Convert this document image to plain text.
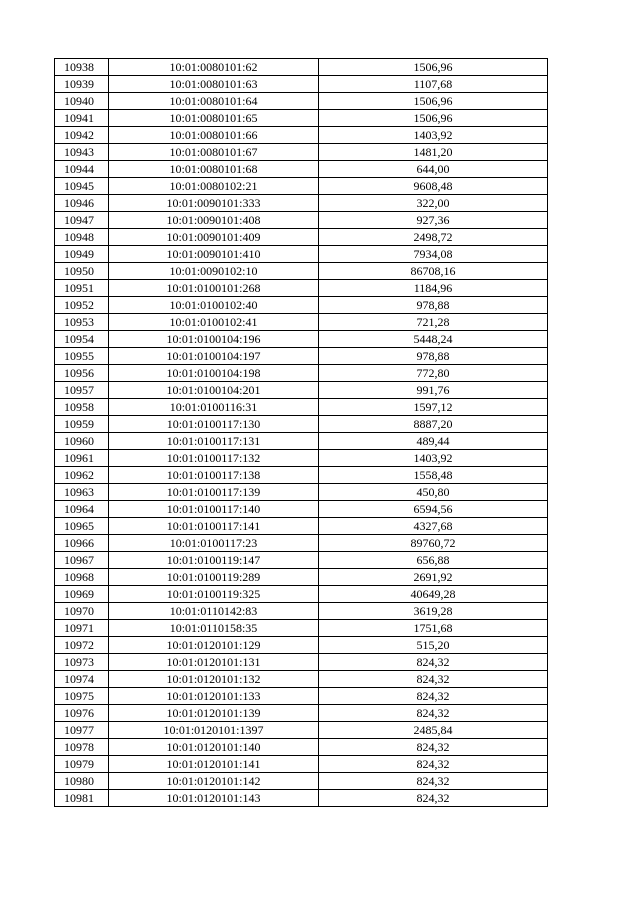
10938	10:01:0080101:62	1506,96
10939	10:01:0080101:63	1107,68
10940	10:01:0080101:64	1506,96
10941	10:01:0080101:65	1506,96
10942	10:01:0080101:66	1403,92
10943	10:01:0080101:67	1481,20
10944	10:01:0080101:68	644,00
10945	10:01:0080102:21	9608,48
10946	10:01:0090101:333	322,00
10947	10:01:0090101:408	927,36
10948	10:01:0090101:409	2498,72
10949	10:01:0090101:410	7934,08
10950	10:01:0090102:10	86708,16
10951	10:01:0100101:268	1184,96
10952	10:01:0100102:40	978,88
10953	10:01:0100102:41	721,28
10954	10:01:0100104:196	5448,24
10955	10:01:0100104:197	978,88
10956	10:01:0100104:198	772,80
10957	10:01:0100104:201	991,76
10958	10:01:0100116:31	1597,12
10959	10:01:0100117:130	8887,20
10960	10:01:0100117:131	489,44
10961	10:01:0100117:132	1403,92
10962	10:01:0100117:138	1558,48
10963	10:01:0100117:139	450,80
10964	10:01:0100117:140	6594,56
10965	10:01:0100117:141	4327,68
10966	10:01:0100117:23	89760,72
10967	10:01:0100119:147	656,88
10968	10:01:0100119:289	2691,92
10969	10:01:0100119:325	40649,28
10970	10:01:0110142:83	3619,28
10971	10:01:0110158:35	1751,68
10972	10:01:0120101:129	515,20
10973	10:01:0120101:131	824,32
10974	10:01:0120101:132	824,32
10975	10:01:0120101:133	824,32
10976	10:01:0120101:139	824,32
10977	10:01:0120101:1397	2485,84
10978	10:01:0120101:140	824,32
10979	10:01:0120101:141	824,32
10980	10:01:0120101:142	824,32
10981	10:01:0120101:143	824,32
